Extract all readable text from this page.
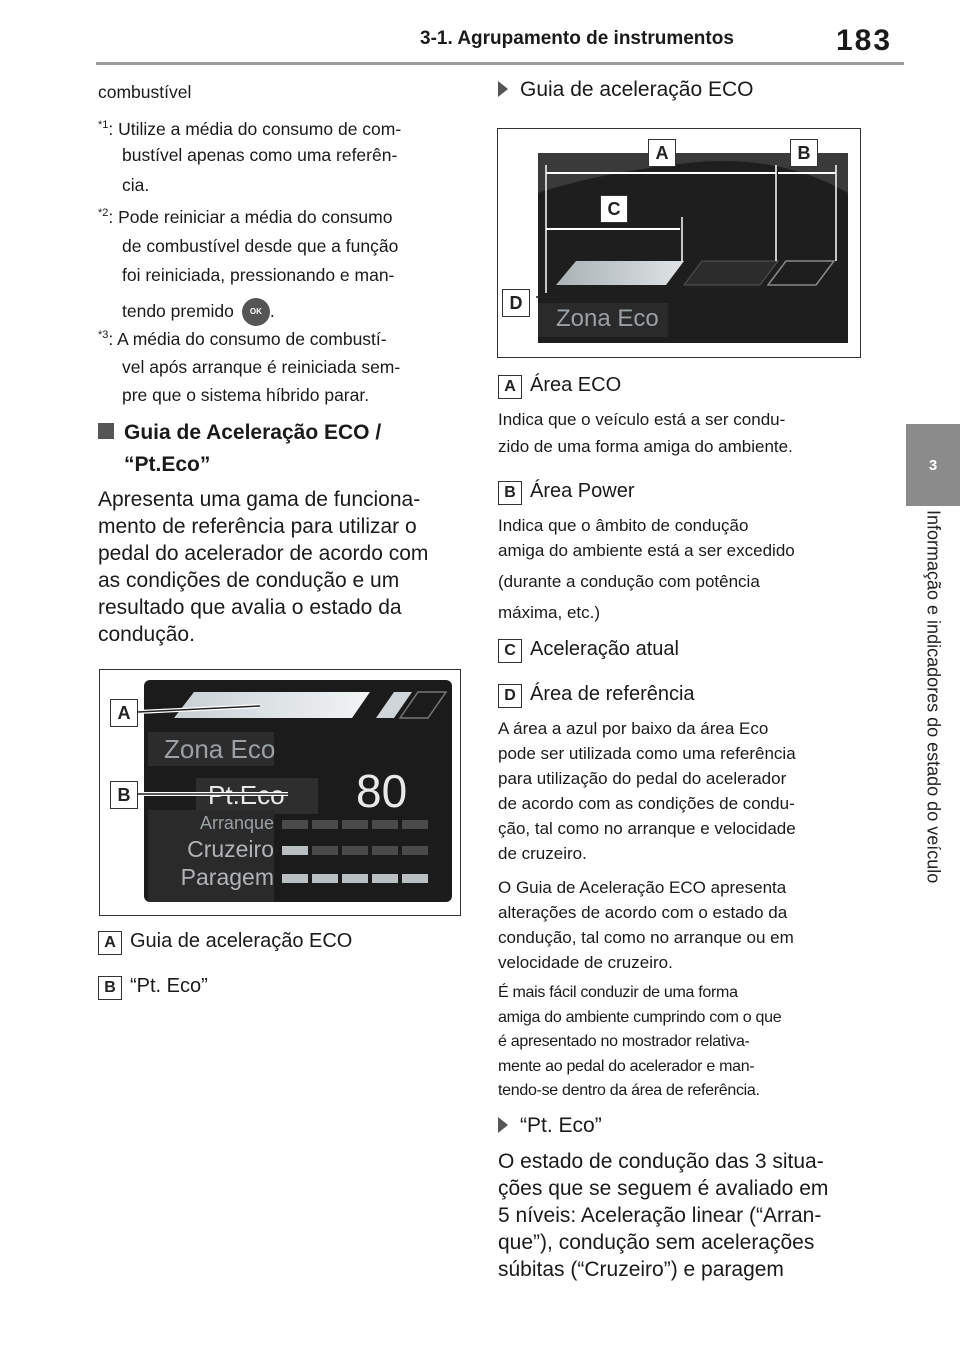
3-1. Agrupamento de instrumentos	183
3
Informação e indicadores do estado do veículo
combustível
$^{*1}$: Utilize a média do consumo de com-
bustível apenas como uma referên-
cia.
$^{*2}$: Pode reiniciar a média do consumo
de combustível desde que a função
foi reiniciada, pressionando e man-
tendo premido OK .
$^{*3}$: A média do consumo de combustí-
vel após arranque é reiniciada sem-
pre que o sistema híbrido parar.
Guia de Aceleração ECO /
“Pt.Eco”
Apresenta uma gama de funciona-
mento de referência para utilizar o
pedal do acelerador de acordo com
as condições de condução e um
resultado que avalia o estado da
condução.
Zona Eco
Pt.Eco 80
Arranque
Cruzeiro
Paragem
A
B
A Guia de aceleração ECO
B “Pt. Eco”
Guia de aceleração ECO
Zona Eco
A	B
C
D
A Área ECO
Indica que o veículo está a ser condu-
zido de uma forma amiga do ambiente.
B Área Power
Indica que o âmbito de condução
amiga do ambiente está a ser excedido
(durante a condução com potência
máxima, etc.)
C Aceleração atual
D Área de referência
A área a azul por baixo da área Eco
pode ser utilizada como uma referência
para utilização do pedal do acelerador
de acordo com as condições de condu-
ção, tal como no arranque e velocidade
de cruzeiro.
O Guia de Aceleração ECO apresenta
alterações de acordo com o estado da
condução, tal como no arranque ou em
velocidade de cruzeiro.
É mais fácil conduzir de uma forma
amiga do ambiente cumprindo com o que
é apresentado no mostrador relativa-
mente ao pedal do acelerador e man-
tendo-se dentro da área de referência.
“Pt. Eco”
O estado de condução das 3 situa-
ções que se seguem é avaliado em
5 níveis: Aceleração linear (“Arran-
que”), condução sem acelerações
súbitas (“Cruzeiro”) e paragem
